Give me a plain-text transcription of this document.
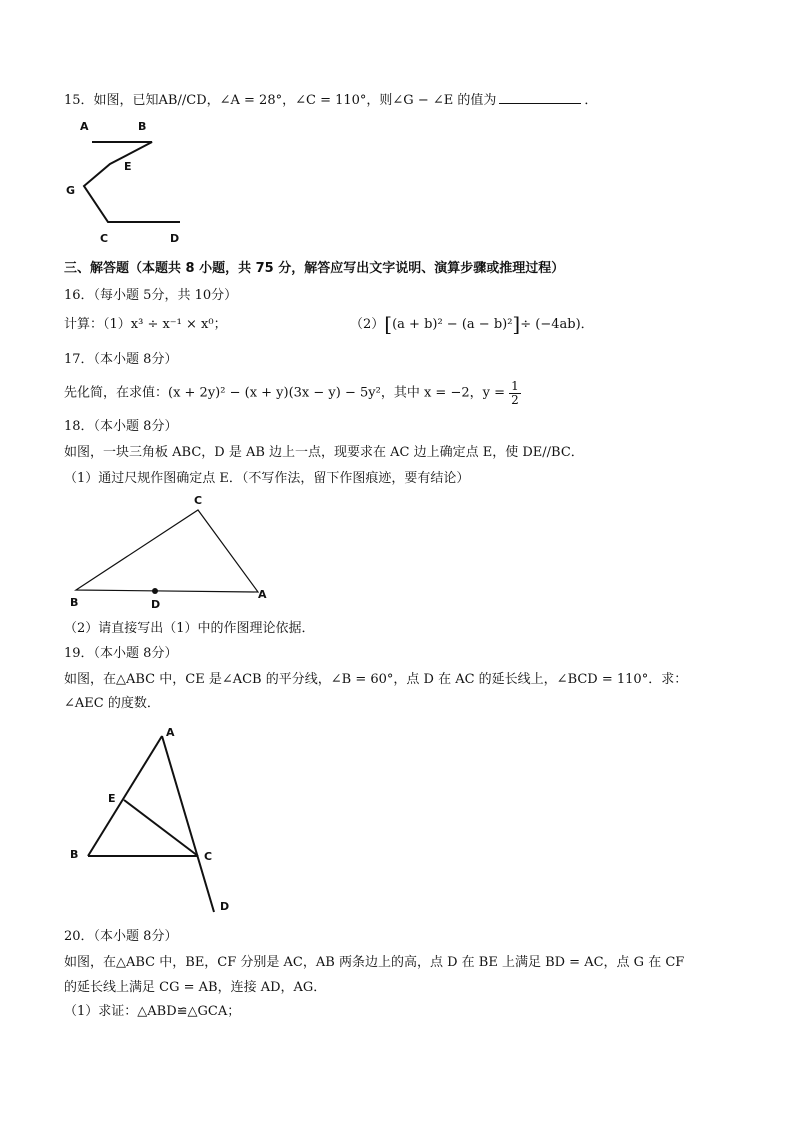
15．如图，已知AB//CD，∠A = 28°，∠C = 110°，则∠G − ∠E 的值为	．
A	B
E
G
C	D
三、解答题（本题共 8 小题，共 75 分，解答应写出文字说明、演算步骤或推理过程）
16．（每小题 5分，共 10分）
计算：（1）x³ ÷ x⁻¹ × x⁰；	（2）[(a + b)² − (a − b)²]÷ (−4ab)．
17．（本小题 8分）
先化简，在求值：(x + 2y)² − (x + y)(3x − y) − 5y²，其中 x = −2，$y = \frac{1}{2}$
18．（本小题 8分）
如图，一块三角板 ABC，D 是 AB 边上一点，现要求在 AC 边上确定点 E，使 DE//BC．
（1）通过尺规作图确定点 E．（不写作法，留下作图痕迹，要有结论）
C
B	D
A
（2）请直接写出（1）中的作图理论依据．
19．（本小题 8分）
如图，在△ABC 中，CE 是∠ACB 的平分线，∠B = 60°，点 D 在 AC 的延长线上，∠BCD = 110°．求：
∠AEC 的度数．
A
E
B	C
D
20．（本小题 8分）
如图，在△ABC 中，BE，CF 分别是 AC，AB 两条边上的高，点 D 在 BE 上满足 BD = AC，点 G 在 CF
的延长线上满足 CG = AB，连接 AD，AG．
（1）求证：△ABD≌△GCA；
